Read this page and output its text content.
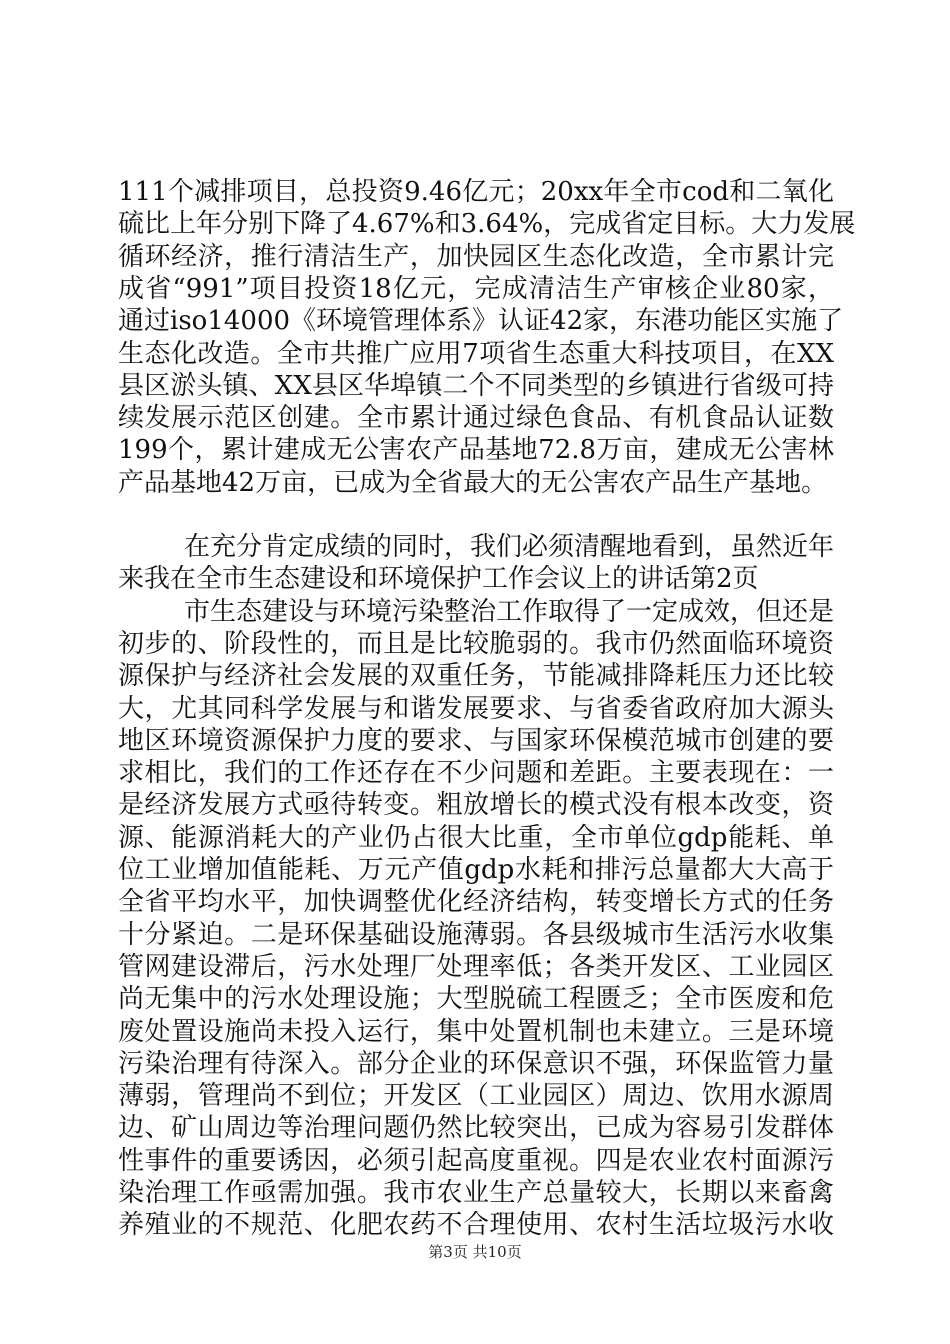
111个减排项目，总投资9.46亿元；20xx年全市cod和二氧化
硫比上年分别下降了4.67%和3.64%，完成省定目标。大力发展
循环经济，推行清洁生产，加快园区生态化改造，全市累计完
成省“991”项目投资18亿元，完成清洁生产审核企业80家，
通过iso14000《环境管理体系》认证42家，东港功能区实施了
生态化改造。全市共推广应用7项省生态重大科技项目，在XX
县区淤头镇、XX县区华埠镇二个不同类型的乡镇进行省级可持
续发展示范区创建。全市累计通过绿色食品、有机食品认证数
199个，累计建成无公害农产品基地72.8万亩，建成无公害林
产品基地42万亩，已成为全省最大的无公害农产品生产基地。
在充分肯定成绩的同时，我们必须清醒地看到，虽然近年
来我在全市生态建设和环境保护工作会议上的讲话第2页
市生态建设与环境污染整治工作取得了一定成效，但还是
初步的、阶段性的，而且是比较脆弱的。我市仍然面临环境资
源保护与经济社会发展的双重任务，节能减排降耗压力还比较
大，尤其同科学发展与和谐发展要求、与省委省政府加大源头
地区环境资源保护力度的要求、与国家环保模范城市创建的要
求相比，我们的工作还存在不少问题和差距。主要表现在：一
是经济发展方式亟待转变。粗放增长的模式没有根本改变，资
源、能源消耗大的产业仍占很大比重，全市单位gdp能耗、单
位工业增加值能耗、万元产值gdp水耗和排污总量都大大高于
全省平均水平，加快调整优化经济结构，转变增长方式的任务
十分紧迫。二是环保基础设施薄弱。各县级城市生活污水收集
管网建设滞后，污水处理厂处理率低；各类开发区、工业园区
尚无集中的污水处理设施；大型脱硫工程匮乏；全市医废和危
废处置设施尚未投入运行，集中处置机制也未建立。三是环境
污染治理有待深入。部分企业的环保意识不强，环保监管力量
薄弱，管理尚不到位；开发区（工业园区）周边、饮用水源周
边、矿山周边等治理问题仍然比较突出，已成为容易引发群体
性事件的重要诱因，必须引起高度重视。四是农业农村面源污
染治理工作亟需加强。我市农业生产总量较大，长期以来畜禽
第3页 共10页
养殖业的不规范、化肥农药不合理使用、农村生活垃圾污水收
